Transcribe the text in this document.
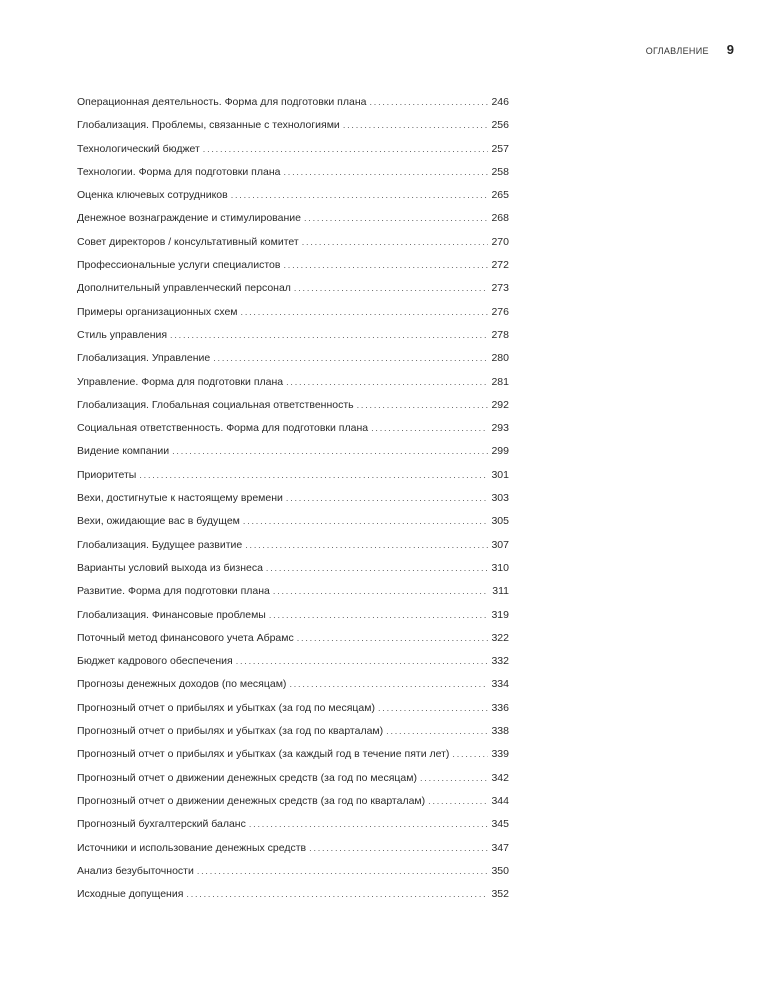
ОГЛАВЛЕНИЕ 9
Операционная деятельность. Форма для подготовки плана .....	246
Глобализация. Проблемы, связанные с технологиями .....	256
Технологический бюджет .....	257
Технологии. Форма для подготовки плана .....	258
Оценка ключевых сотрудников .....	265
Денежное вознаграждение и стимулирование .....	268
Совет директоров / консультативный комитет .....	270
Профессиональные услуги специалистов .....	272
Дополнительный управленческий персонал .....	273
Примеры организационных схем .....	276
Стиль управления .....	278
Глобализация. Управление .....	280
Управление. Форма для подготовки плана .....	281
Глобализация. Глобальная социальная ответственность .....	292
Социальная ответственность. Форма для подготовки плана .....	293
Видение компании .....	299
Приоритеты .....	301
Вехи, достигнутые к настоящему времени .....	303
Вехи, ожидающие вас в будущем .....	305
Глобализация. Будущее развитие .....	307
Варианты условий выхода из бизнеса .....	310
Развитие. Форма для подготовки плана .....	311
Глобализация. Финансовые проблемы .....	319
Поточный метод финансового учета Абрамс .....	322
Бюджет кадрового обеспечения .....	332
Прогнозы денежных доходов (по месяцам) .....	334
Прогнозный отчет о прибылях и убытках (за год по месяцам) .....	336
Прогнозный отчет о прибылях и убытках (за год по кварталам) .....	338
Прогнозный отчет о прибылях и убытках (за каждый год в течение пяти лет) .....	339
Прогнозный отчет о движении денежных средств (за год по месяцам) .....	342
Прогнозный отчет о движении денежных средств (за год по кварталам) .....	344
Прогнозный бухгалтерский баланс .....	345
Источники и использование денежных средств .....	347
Анализ безубыточности .....	350
Исходные допущения .....	352
